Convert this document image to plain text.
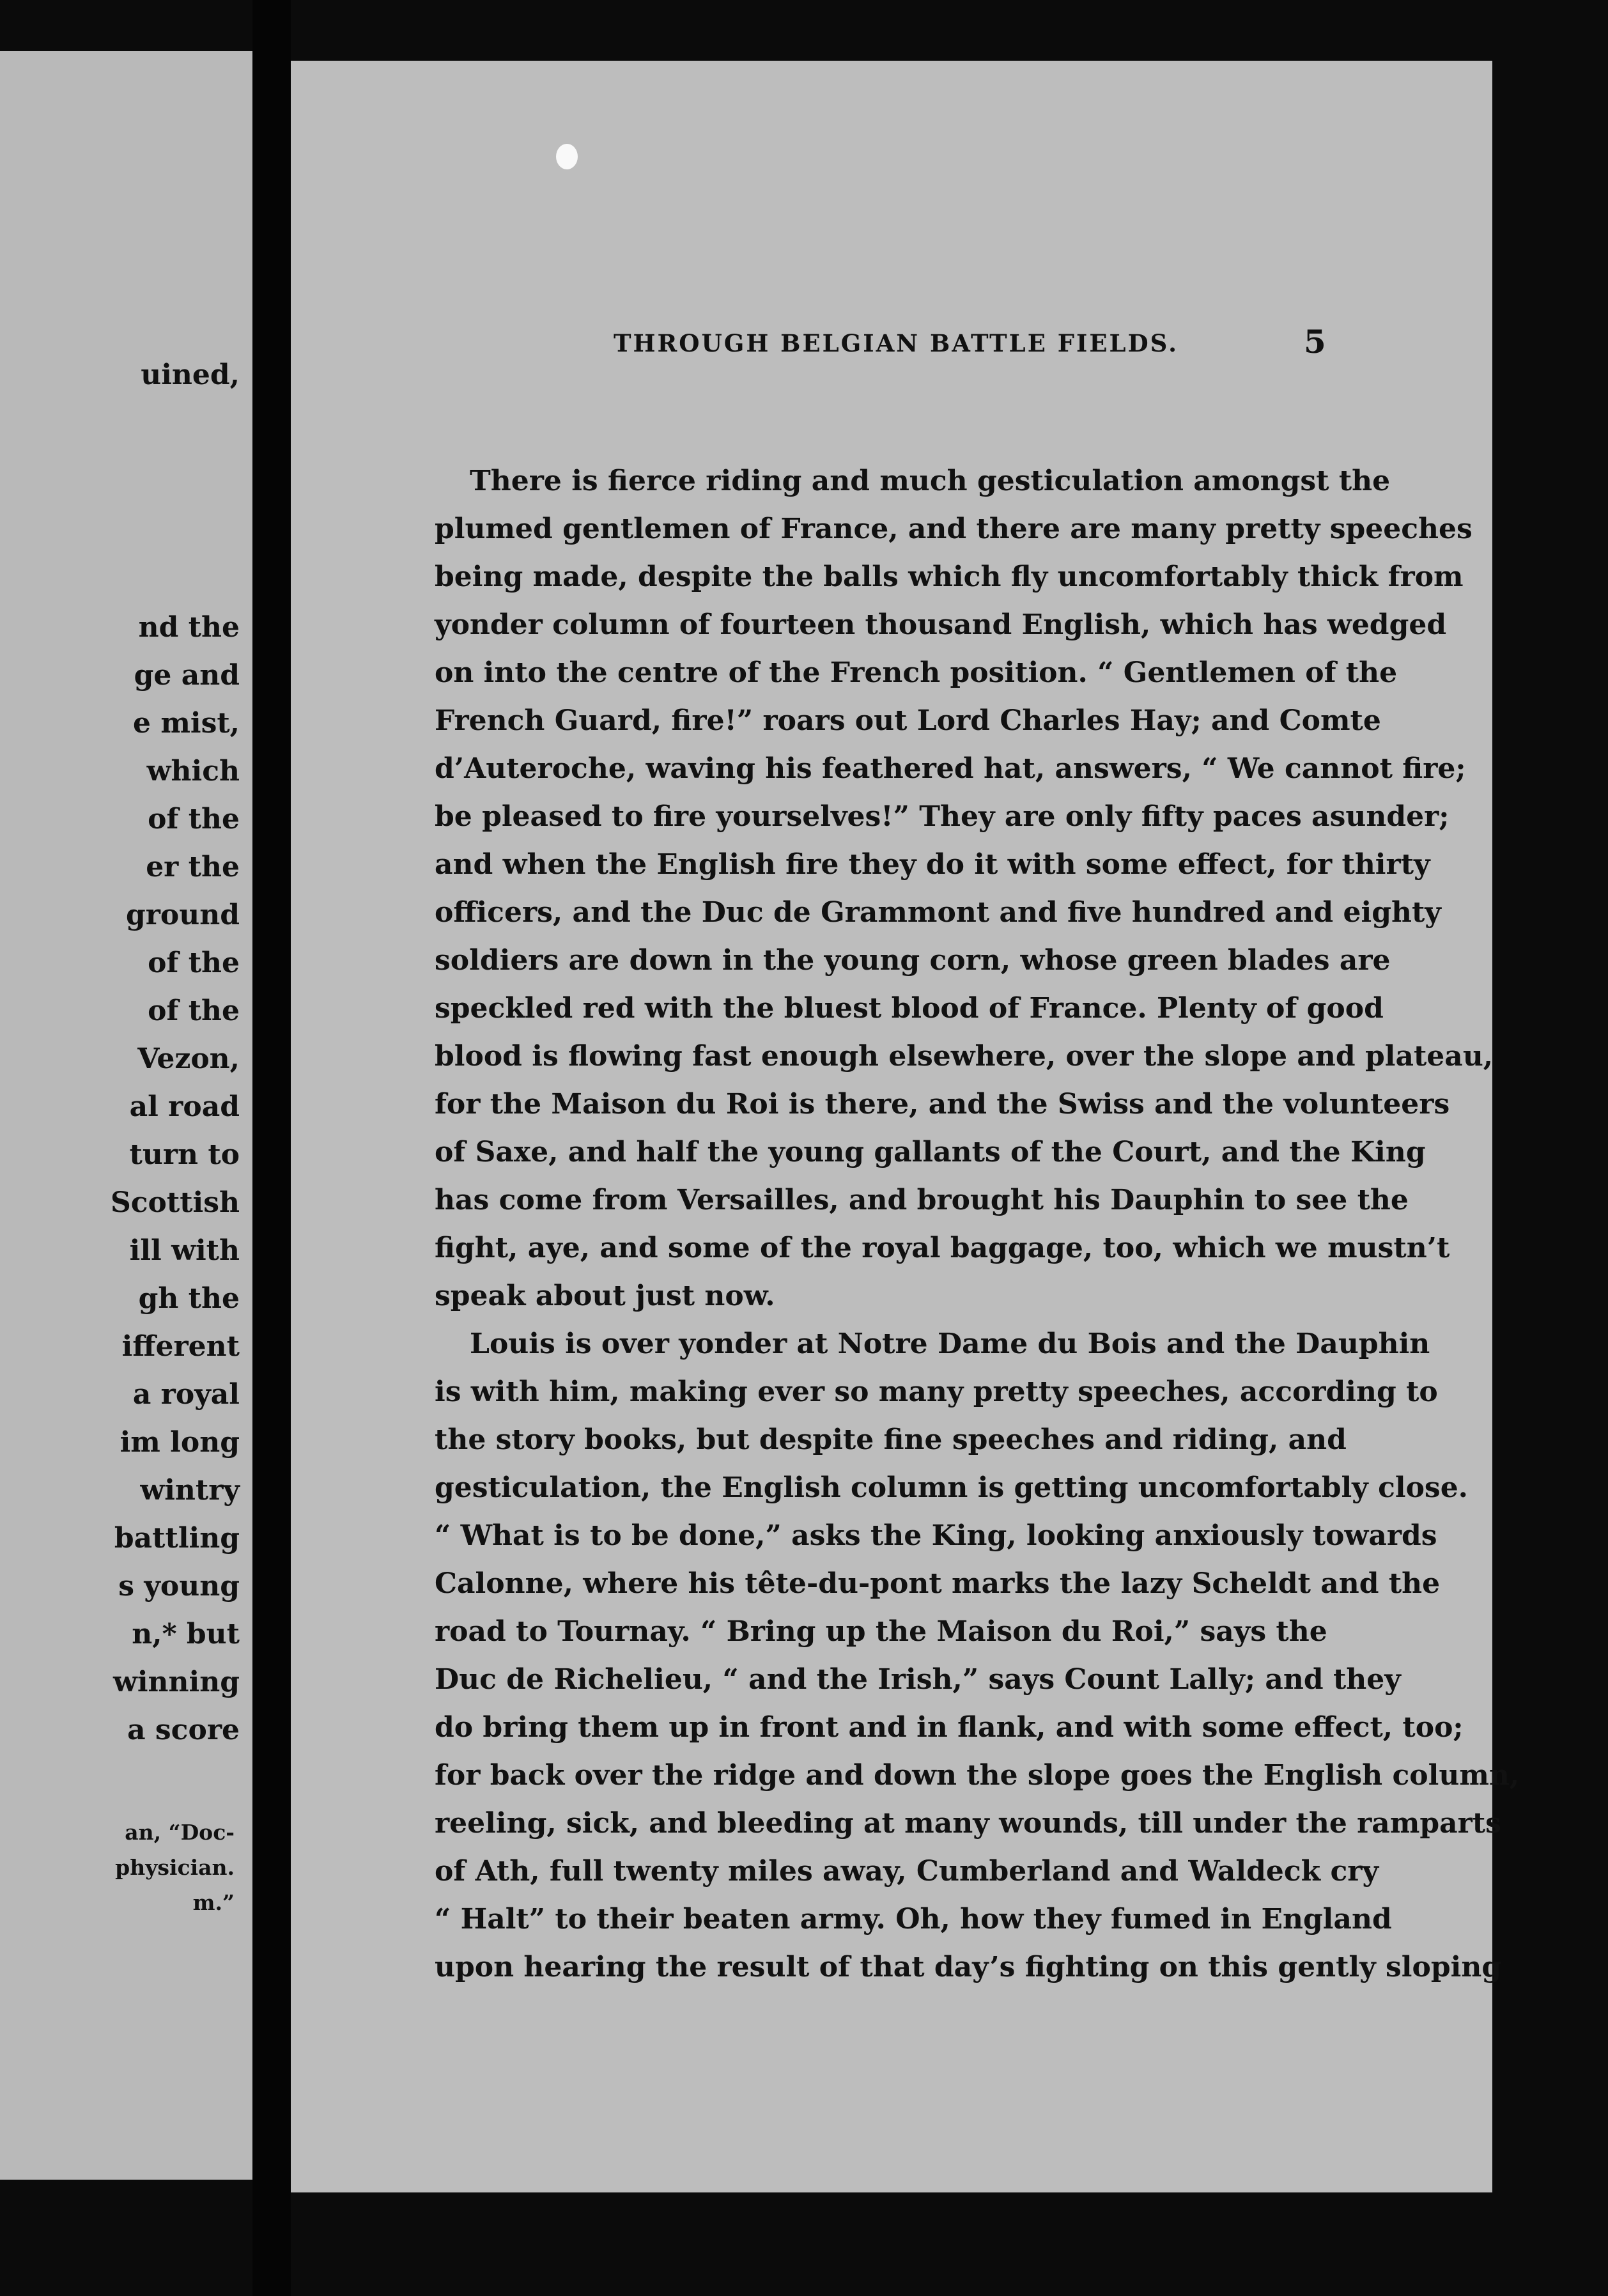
uined,
nd the
ge and
e mist,
which
of the
er the
ground
of the
of the
Vezon,
al road
turn to
Scottish
ill with
gh the
ifferent
a royal
im long
wintry
battling
s young
n,* but
winning
a score
an, “Doc-
physician.
m.”
THROUGH BELGIAN BATTLE FIELDS.	5
There is fierce riding and much gesticulation amongst the
plumed gentlemen of France, and there are many pretty speeches
being made, despite the balls which fly uncomfortably thick from
yonder column of fourteen thousand English, which has wedged
on into the centre of the French position. “ Gentlemen of the
French Guard, fire!” roars out Lord Charles Hay; and Comte
d’Auteroche, waving his feathered hat, answers, “ We cannot fire;
be pleased to fire yourselves!” They are only fifty paces asunder;
and when the English fire they do it with some effect, for thirty
officers, and the Duc de Grammont and five hundred and eighty
soldiers are down in the young corn, whose green blades are
speckled red with the bluest blood of France. Plenty of good
blood is flowing fast enough elsewhere, over the slope and plateau,
for the Maison du Roi is there, and the Swiss and the volunteers
of Saxe, and half the young gallants of the Court, and the King
has come from Versailles, and brought his Dauphin to see the
fight, aye, and some of the royal baggage, too, which we mustn’t
speak about just now.
Louis is over yonder at Notre Dame du Bois and the Dauphin
is with him, making ever so many pretty speeches, according to
the story books, but despite fine speeches and riding, and
gesticulation, the English column is getting uncomfortably close.
“ What is to be done,” asks the King, looking anxiously towards
Calonne, where his tête-du-pont marks the lazy Scheldt and the
road to Tournay. “ Bring up the Maison du Roi,” says the
Duc de Richelieu, “ and the Irish,” says Count Lally; and they
do bring them up in front and in flank, and with some effect, too;
for back over the ridge and down the slope goes the English column,
reeling, sick, and bleeding at many wounds, till under the ramparts
of Ath, full twenty miles away, Cumberland and Waldeck cry
“ Halt” to their beaten army. Oh, how they fumed in England
upon hearing the result of that day’s fighting on this gently sloping
